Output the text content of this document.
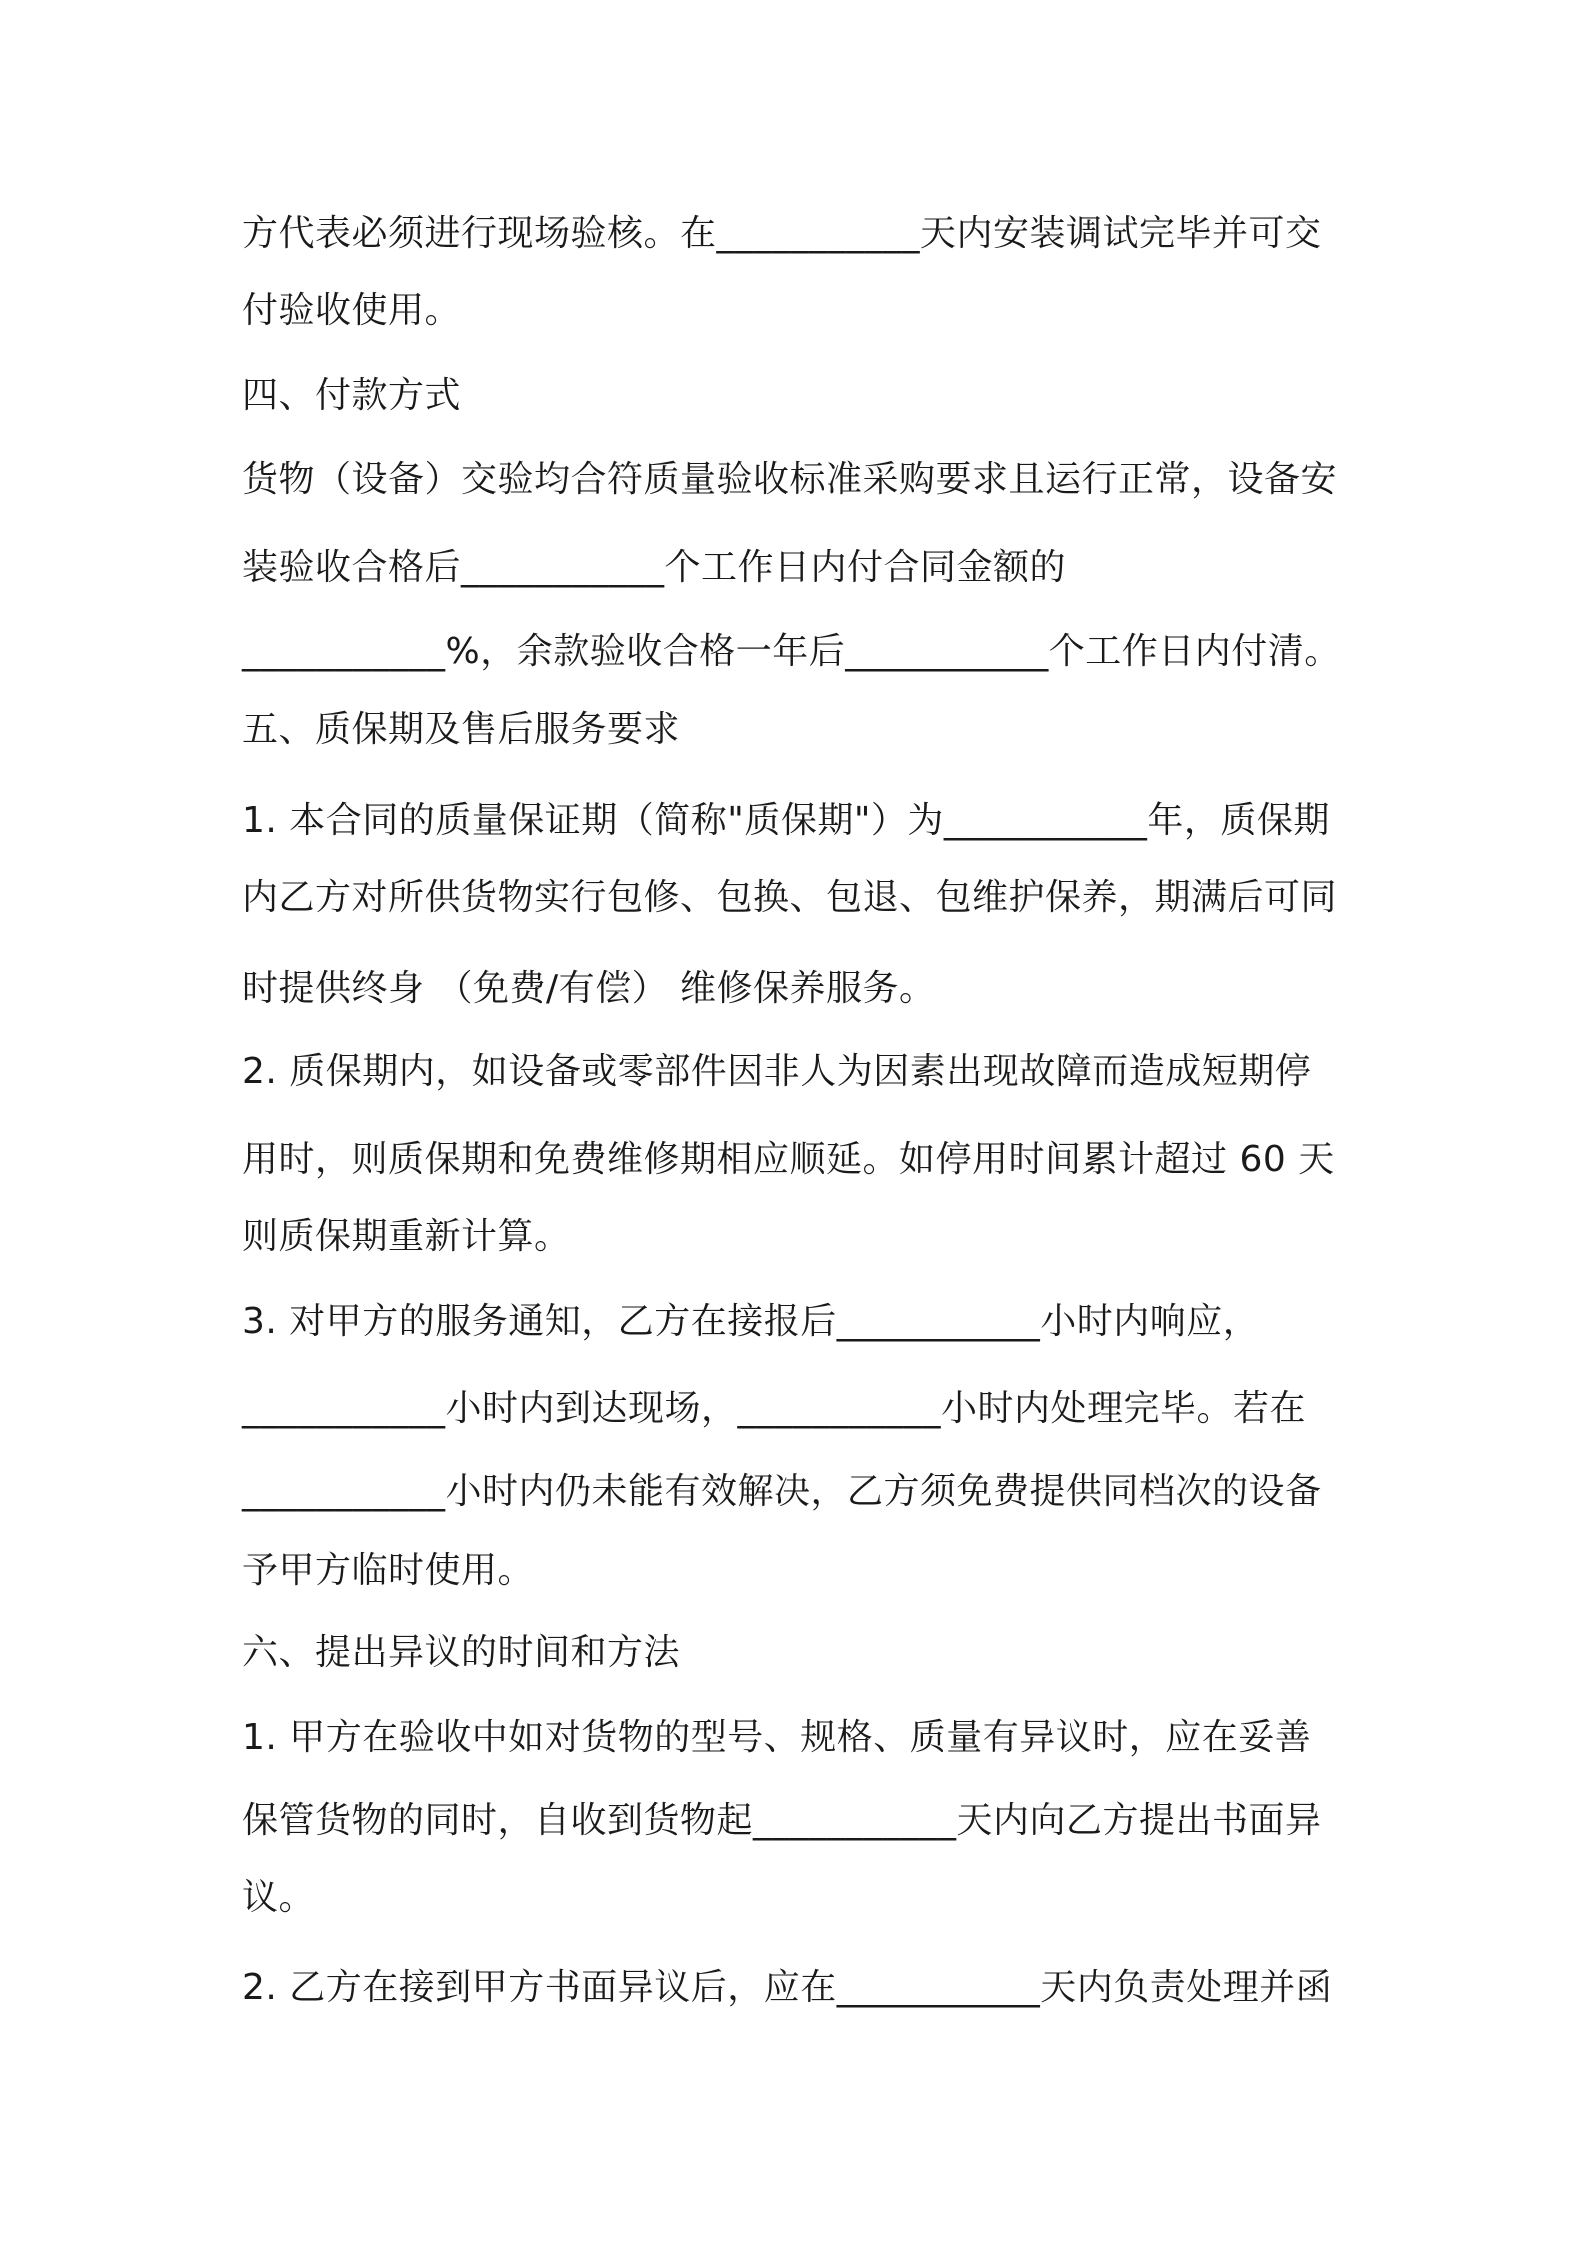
方代表必须进行现场验核。在___________天内安装调试完毕并可交
付验收使用。
四、付款方式
货物（设备）交验均合符质量验收标准采购要求且运行正常，设备安
装验收合格后___________个工作日内付合同金额的
___________%，余款验收合格一年后___________个工作日内付清。
五、质保期及售后服务要求
1. 本合同的质量保证期（简称"质保期"）为___________年，质保期
内乙方对所供货物实行包修、包换、包退、包维护保养，期满后可同
时提供终身 （免费/有偿） 维修保养服务。
2. 质保期内，如设备或零部件因非人为因素出现故障而造成短期停
用时，则质保期和免费维修期相应顺延。如停用时间累计超过 60 天
则质保期重新计算。
3. 对甲方的服务通知，乙方在接报后___________小时内响应，
___________小时内到达现场，___________小时内处理完毕。若在
___________小时内仍未能有效解决，乙方须免费提供同档次的设备
予甲方临时使用。
六、提出异议的时间和方法
1. 甲方在验收中如对货物的型号、规格、质量有异议时，应在妥善
保管货物的同时，自收到货物起___________天内向乙方提出书面异
议。
2. 乙方在接到甲方书面异议后，应在___________天内负责处理并函
